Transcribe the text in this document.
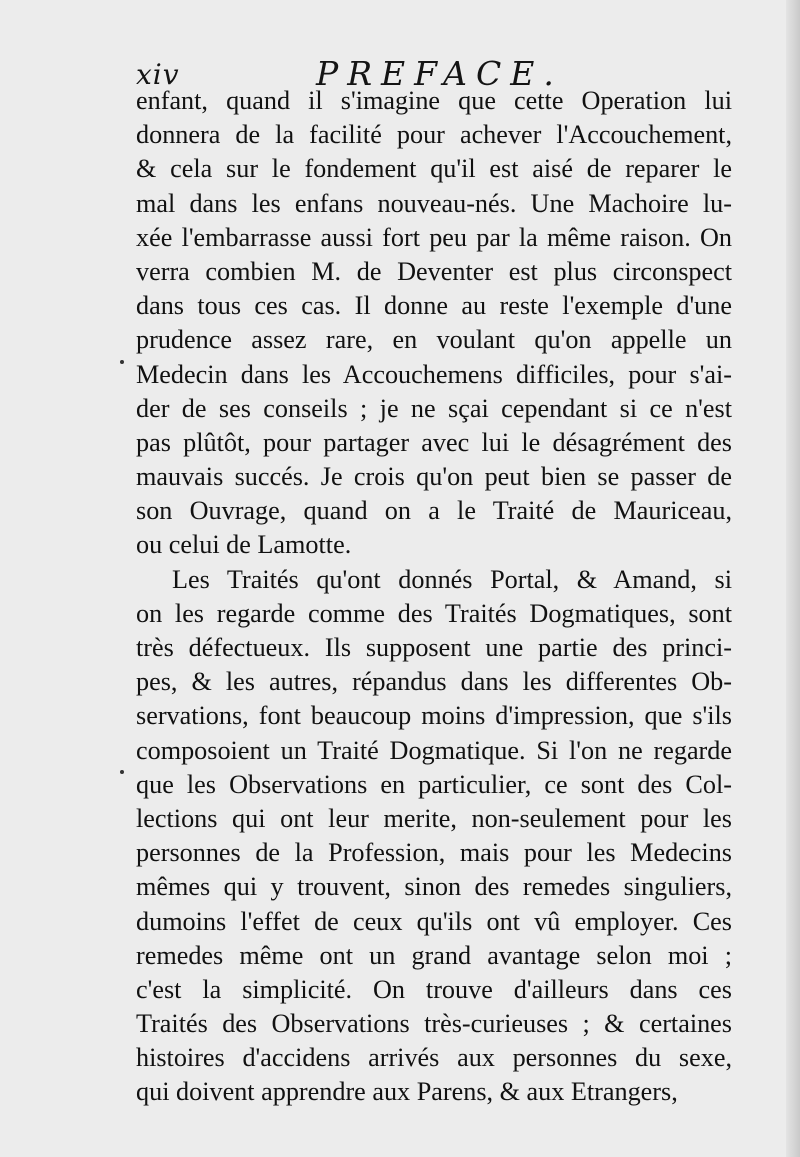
xiv	PREFACE.
enfant, quand il s'imagine que cette Operation lui
donnera de la facilité pour achever l'Accouchement,
& cela sur le fondement qu'il est aisé de reparer le
mal dans les enfans nouveau-nés. Une Machoire lu-
xée l'embarrasse aussi fort peu par la même raison. On
verra combien M. de Deventer est plus circonspect
dans tous ces cas. Il donne au reste l'exemple d'une
prudence assez rare, en voulant qu'on appelle un
Medecin dans les Accouchemens difficiles, pour s'ai-
der de ses conseils ; je ne sçai cependant si ce n'est
pas plûtôt, pour partager avec lui le désagrément des
mauvais succés. Je crois qu'on peut bien se passer de
son Ouvrage, quand on a le Traité de Mauriceau,
ou celui de Lamotte.
Les Traités qu'ont donnés Portal, & Amand, si
on les regarde comme des Traités Dogmatiques, sont
très défectueux. Ils supposent une partie des princi-
pes, & les autres, répandus dans les differentes Ob-
servations, font beaucoup moins d'impression, que s'ils
composoient un Traité Dogmatique. Si l'on ne regarde
que les Observations en particulier, ce sont des Col-
lections qui ont leur merite, non-seulement pour les
personnes de la Profession, mais pour les Medecins
mêmes qui y trouvent, sinon des remedes singuliers,
dumoins l'effet de ceux qu'ils ont vû employer. Ces
remedes même ont un grand avantage selon moi ;
c'est la simplicité. On trouve d'ailleurs dans ces
Traités des Observations très-curieuses ; & certaines
histoires d'accidens arrivés aux personnes du sexe,
qui doivent apprendre aux Parens, & aux Etrangers,
